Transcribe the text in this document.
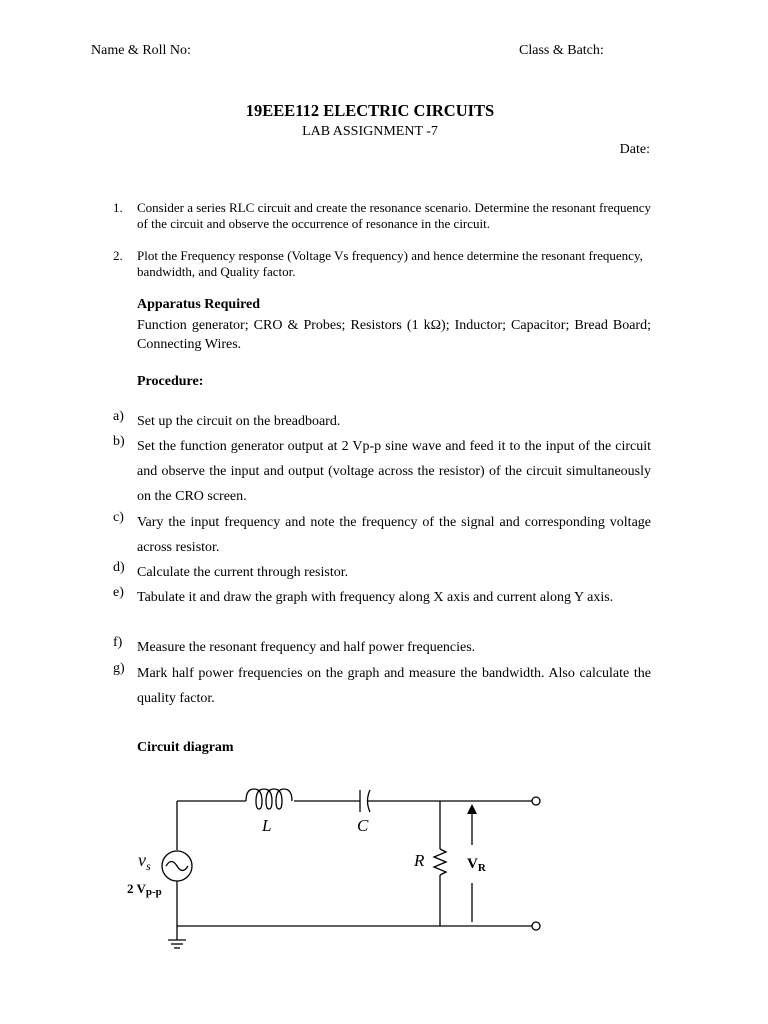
Name & Roll No:	Class & Batch:
19EEE112 ELECTRIC CIRCUITS
LAB ASSIGNMENT -7
Date:
1. Consider a series RLC circuit and create the resonance scenario. Determine the resonant frequency of the circuit and observe the occurrence of resonance in the circuit.
2. Plot the Frequency response (Voltage Vs frequency) and hence determine the resonant frequency, bandwidth, and Quality factor.
Apparatus Required
Function generator; CRO & Probes; Resistors (1 kΩ); Inductor; Capacitor; Bread Board; Connecting Wires.
Procedure:
a) Set up the circuit on the breadboard.
b) Set the function generator output at 2 Vp-p sine wave and feed it to the input of the circuit and observe the input and output (voltage across the resistor) of the circuit simultaneously on the CRO screen.
c) Vary the input frequency and note the frequency of the signal and corresponding voltage across resistor.
d) Calculate the current through resistor.
e) Tabulate it and draw the graph with frequency along X axis and current along Y axis.
f) Measure the resonant frequency and half power frequencies.
g) Mark half power frequencies on the graph and measure the bandwidth. Also calculate the quality factor.
Circuit diagram
L	C
R
$v_s$
2 Vp-p
$V_R$
